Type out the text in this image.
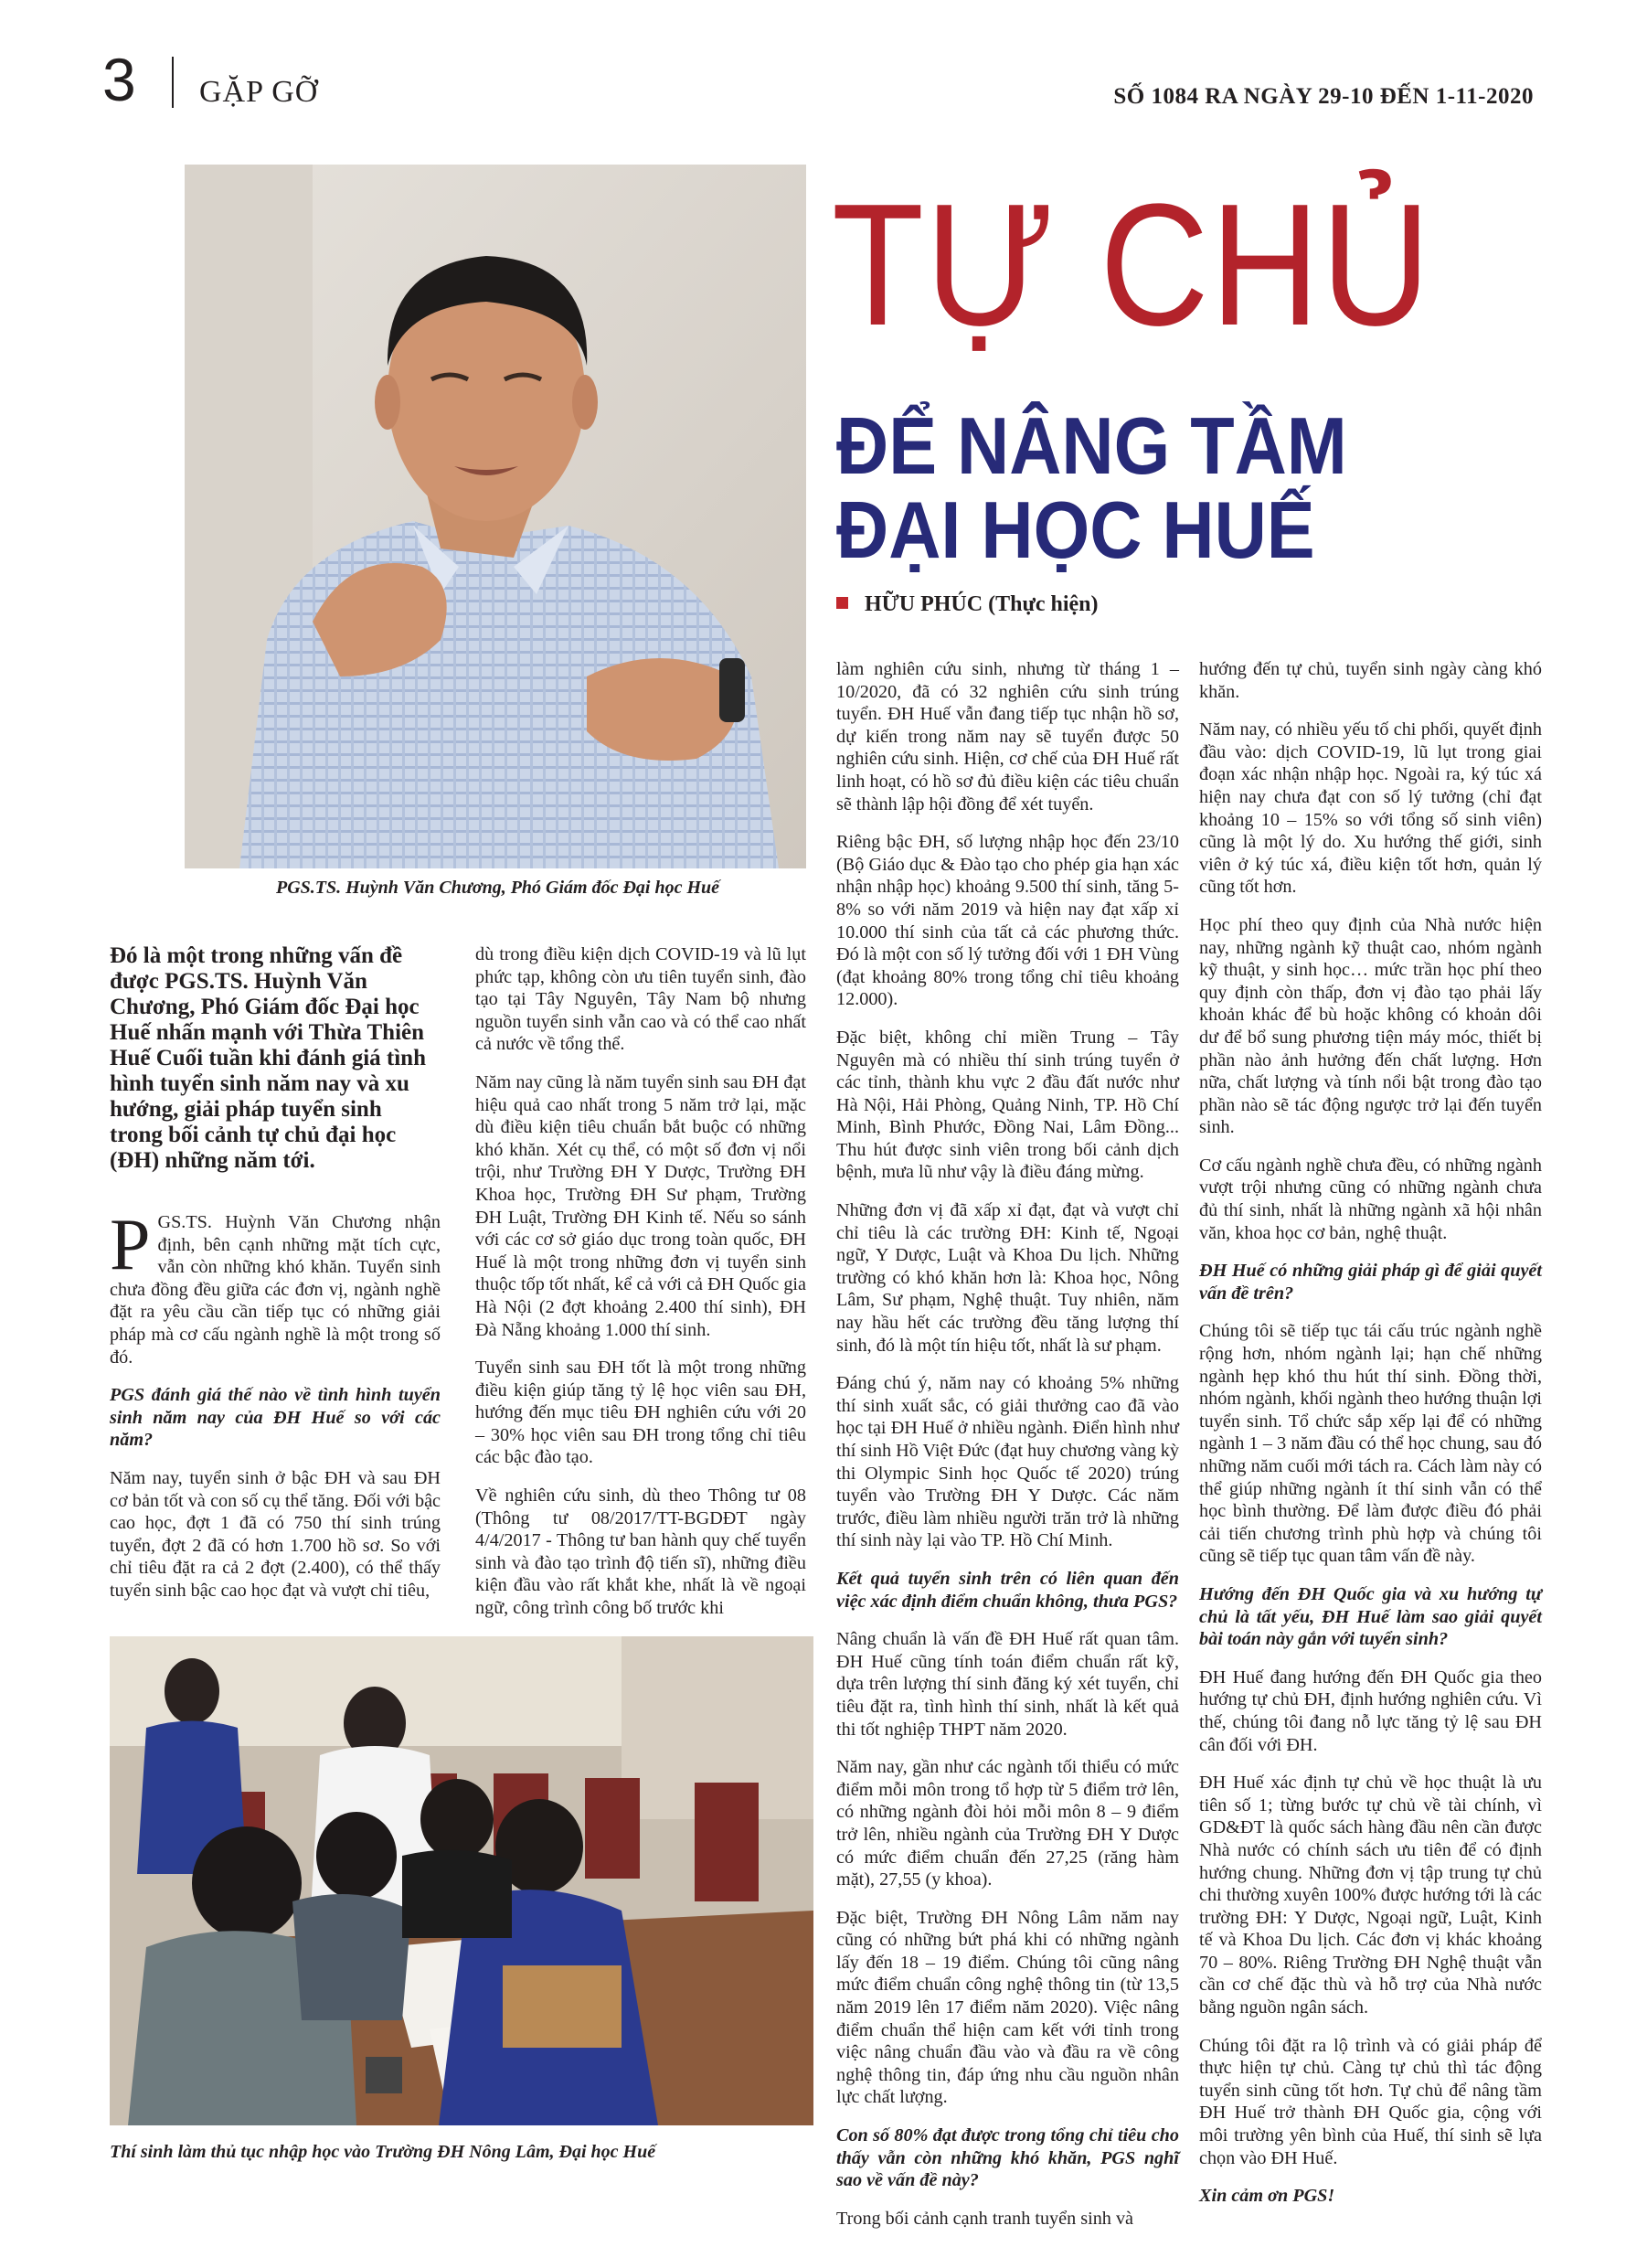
3 GẶP GỠ	SỐ 1084 RA NGÀY 29-10 ĐẾN 1-11-2020
PGS.TS. Huỳnh Văn Chương, Phó Giám đốc Đại học Huế
TỰ CHỦ
ĐỂ NÂNG TẦM
ĐẠI HỌC HUẾ
HỮU PHÚC (Thực hiện)
Đó là một trong những vấn đề được PGS.TS. Huỳnh Văn Chương, Phó Giám đốc Đại học Huế nhấn mạnh với Thừa Thiên Huế Cuối tuần khi đánh giá tình hình tuyển sinh năm nay và xu hướng, giải pháp tuyển sinh trong bối cảnh tự chủ đại học (ĐH) những năm tới.

PGS.TS. Huỳnh Văn Chương nhận định, bên cạnh những mặt tích cực, vẫn còn những khó khăn. Tuyển sinh chưa đồng đều giữa các đơn vị, ngành nghề đặt ra yêu cầu cần tiếp tục có những giải pháp mà cơ cấu ngành nghề là một trong số đó.

PGS đánh giá thế nào về tình hình tuyển sinh năm nay của ĐH Huế so với các năm?

Năm nay, tuyển sinh ở bậc ĐH và sau ĐH cơ bản tốt và con số cụ thể tăng. Đối với bậc cao học, đợt 1 đã có 750 thí sinh trúng tuyển, đợt 2 đã có hơn 1.700 hồ sơ. So với chỉ tiêu đặt ra cả 2 đợt (2.400), có thể thấy tuyển sinh bậc cao học đạt và vượt chỉ tiêu,

dù trong điều kiện dịch COVID-19 và lũ lụt phức tạp, không còn ưu tiên tuyển sinh, đào tạo tại Tây Nguyên, Tây Nam bộ nhưng nguồn tuyển sinh vẫn cao và có thể cao nhất cả nước về tổng thể.

Năm nay cũng là năm tuyển sinh sau ĐH đạt hiệu quả cao nhất trong 5 năm trở lại, mặc dù điều kiện tiêu chuẩn bắt buộc có những khó khăn. Xét cụ thể, có một số đơn vị nổi trội, như Trường ĐH Y Dược, Trường ĐH Khoa học, Trường ĐH Sư phạm, Trường ĐH Luật, Trường ĐH Kinh tế. Nếu so sánh với các cơ sở giáo dục trong toàn quốc, ĐH Huế là một trong những đơn vị tuyển sinh thuộc tốp tốt nhất, kể cả với cả ĐH Quốc gia Hà Nội (2 đợt khoảng 2.400 thí sinh), ĐH Đà Nẵng khoảng 1.000 thí sinh.

Tuyển sinh sau ĐH tốt là một trong những điều kiện giúp tăng tỷ lệ học viên sau ĐH, hướng đến mục tiêu ĐH nghiên cứu với 20 – 30% học viên sau ĐH trong tổng chỉ tiêu các bậc đào tạo.

Về nghiên cứu sinh, dù theo Thông tư 08 (Thông tư 08/2017/TT-BGDĐT ngày 4/4/2017 - Thông tư ban hành quy chế tuyển sinh và đào tạo trình độ tiến sĩ), những điều kiện đầu vào rất khắt khe, nhất là về ngoại ngữ, công trình công bố trước khi

Thí sinh làm thủ tục nhập học vào Trường ĐH Nông Lâm, Đại học Huế

làm nghiên cứu sinh, nhưng từ tháng 1 – 10/2020, đã có 32 nghiên cứu sinh trúng tuyển. ĐH Huế vẫn đang tiếp tục nhận hồ sơ, dự kiến trong năm nay sẽ tuyển được 50 nghiên cứu sinh. Hiện, cơ chế của ĐH Huế rất linh hoạt, có hồ sơ đủ điều kiện các tiêu chuẩn sẽ thành lập hội đồng để xét tuyển.

Riêng bậc ĐH, số lượng nhập học đến 23/10 (Bộ Giáo dục & Đào tạo cho phép gia hạn xác nhận nhập học) khoảng 9.500 thí sinh, tăng 5-8% so với năm 2019 và hiện nay đạt xấp xỉ 10.000 thí sinh của tất cả các phương thức. Đó là một con số lý tưởng đối với 1 ĐH Vùng (đạt khoảng 80% trong tổng chỉ tiêu khoảng 12.000).

Đặc biệt, không chỉ miền Trung – Tây Nguyên mà có nhiều thí sinh trúng tuyển ở các tỉnh, thành khu vực 2 đầu đất nước như Hà Nội, Hải Phòng, Quảng Ninh, TP. Hồ Chí Minh, Bình Phước, Đồng Nai, Lâm Đồng... Thu hút được sinh viên trong bối cảnh dịch bệnh, mưa lũ như vậy là điều đáng mừng.

Những đơn vị đã xấp xỉ đạt, đạt và vượt chỉ chỉ tiêu là các trường ĐH: Kinh tế, Ngoại ngữ, Y Dược, Luật và Khoa Du lịch. Những trường có khó khăn hơn là: Khoa học, Nông Lâm, Sư phạm, Nghệ thuật. Tuy nhiên, năm nay hầu hết các trường đều tăng lượng thí sinh, đó là một tín hiệu tốt, nhất là sư phạm.

Đáng chú ý, năm nay có khoảng 5% những thí sinh xuất sắc, có giải thưởng cao đã vào học tại ĐH Huế ở nhiều ngành. Điển hình như thí sinh Hồ Việt Đức (đạt huy chương vàng kỳ thi Olympic Sinh học Quốc tế 2020) trúng tuyển vào Trường ĐH Y Dược. Các năm trước, điều làm nhiều người trăn trở là những thí sinh này lại vào TP. Hồ Chí Minh.

Kết quả tuyển sinh trên có liên quan đến việc xác định điểm chuẩn không, thưa PGS?

Nâng chuẩn là vấn đề ĐH Huế rất quan tâm. ĐH Huế cũng tính toán điểm chuẩn rất kỹ, dựa trên lượng thí sinh đăng ký xét tuyển, chỉ tiêu đặt ra, tình hình thí sinh, nhất là kết quả thi tốt nghiệp THPT năm 2020.

Năm nay, gần như các ngành tối thiểu có mức điểm mỗi môn trong tổ hợp từ 5 điểm trở lên, có những ngành đòi hỏi mỗi môn 8 – 9 điểm trở lên, nhiều ngành của Trường ĐH Y Dược có mức điểm chuẩn đến 27,25 (răng hàm mặt), 27,55 (y khoa).

Đặc biệt, Trường ĐH Nông Lâm năm nay cũng có những bứt phá khi có những ngành lấy đến 18 – 19 điểm. Chúng tôi cũng nâng mức điểm chuẩn công nghệ thông tin (từ 13,5 năm 2019 lên 17 điểm năm 2020). Việc nâng điểm chuẩn thể hiện cam kết với tỉnh trong việc nâng chuẩn đầu vào và đầu ra về công nghệ thông tin, đáp ứng nhu cầu nguồn nhân lực chất lượng.

Con số 80% đạt được trong tổng chỉ tiêu cho thấy vẫn còn những khó khăn, PGS nghĩ sao về vấn đề này?

Trong bối cảnh cạnh tranh tuyển sinh và

hướng đến tự chủ, tuyển sinh ngày càng khó khăn.

Năm nay, có nhiều yếu tố chi phối, quyết định đầu vào: dịch COVID-19, lũ lụt trong giai đoạn xác nhận nhập học. Ngoài ra, ký túc xá hiện nay chưa đạt con số lý tưởng (chỉ đạt khoảng 10 – 15% so với tổng số sinh viên) cũng là một lý do. Xu hướng thế giới, sinh viên ở ký túc xá, điều kiện tốt hơn, quản lý cũng tốt hơn.

Học phí theo quy định của Nhà nước hiện nay, những ngành kỹ thuật cao, nhóm ngành kỹ thuật, y sinh học… mức trần học phí theo quy định còn thấp, đơn vị đào tạo phải lấy khoản khác để bù hoặc không có khoản dôi dư để bổ sung phương tiện máy móc, thiết bị phần nào ảnh hưởng đến chất lượng. Hơn nữa, chất lượng và tính nổi bật trong đào tạo phần nào sẽ tác động ngược trở lại đến tuyển sinh.

Cơ cấu ngành nghề chưa đều, có những ngành vượt trội nhưng cũng có những ngành chưa đủ thí sinh, nhất là những ngành xã hội nhân văn, khoa học cơ bản, nghệ thuật.

ĐH Huế có những giải pháp gì để giải quyết vấn đề trên?

Chúng tôi sẽ tiếp tục tái cấu trúc ngành nghề rộng hơn, nhóm ngành lại; hạn chế những ngành hẹp khó thu hút thí sinh. Đồng thời, nhóm ngành, khối ngành theo hướng thuận lợi tuyển sinh. Tổ chức sắp xếp lại để có những ngành 1 – 3 năm đầu có thể học chung, sau đó những năm cuối mới tách ra. Cách làm này có thể giúp những ngành ít thí sinh vẫn có thể học bình thường. Để làm được điều đó phải cải tiến chương trình phù hợp và chúng tôi cũng sẽ tiếp tục quan tâm vấn đề này.

Hướng đến ĐH Quốc gia và xu hướng tự chủ là tất yếu, ĐH Huế làm sao giải quyết bài toán này gắn với tuyển sinh?

ĐH Huế đang hướng đến ĐH Quốc gia theo hướng tự chủ ĐH, định hướng nghiên cứu. Vì thế, chúng tôi đang nỗ lực tăng tỷ lệ sau ĐH cân đối với ĐH.

ĐH Huế xác định tự chủ về học thuật là ưu tiên số 1; từng bước tự chủ về tài chính, vì GD&ĐT là quốc sách hàng đầu nên cần được Nhà nước có chính sách ưu tiên để có định hướng chung. Những đơn vị tập trung tự chủ chi thường xuyên 100% được hướng tới là các trường ĐH: Y Dược, Ngoại ngữ, Luật, Kinh tế và Khoa Du lịch. Các đơn vị khác khoảng 70 – 80%. Riêng Trường ĐH Nghệ thuật vẫn cần cơ chế đặc thù và hỗ trợ của Nhà nước bằng nguồn ngân sách.

Chúng tôi đặt ra lộ trình và có giải pháp để thực hiện tự chủ. Càng tự chủ thì tác động tuyển sinh cũng tốt hơn. Tự chủ để nâng tầm ĐH Huế trở thành ĐH Quốc gia, cộng với môi trường yên bình của Huế, thí sinh sẽ lựa chọn vào ĐH Huế.

Xin cảm ơn PGS!
